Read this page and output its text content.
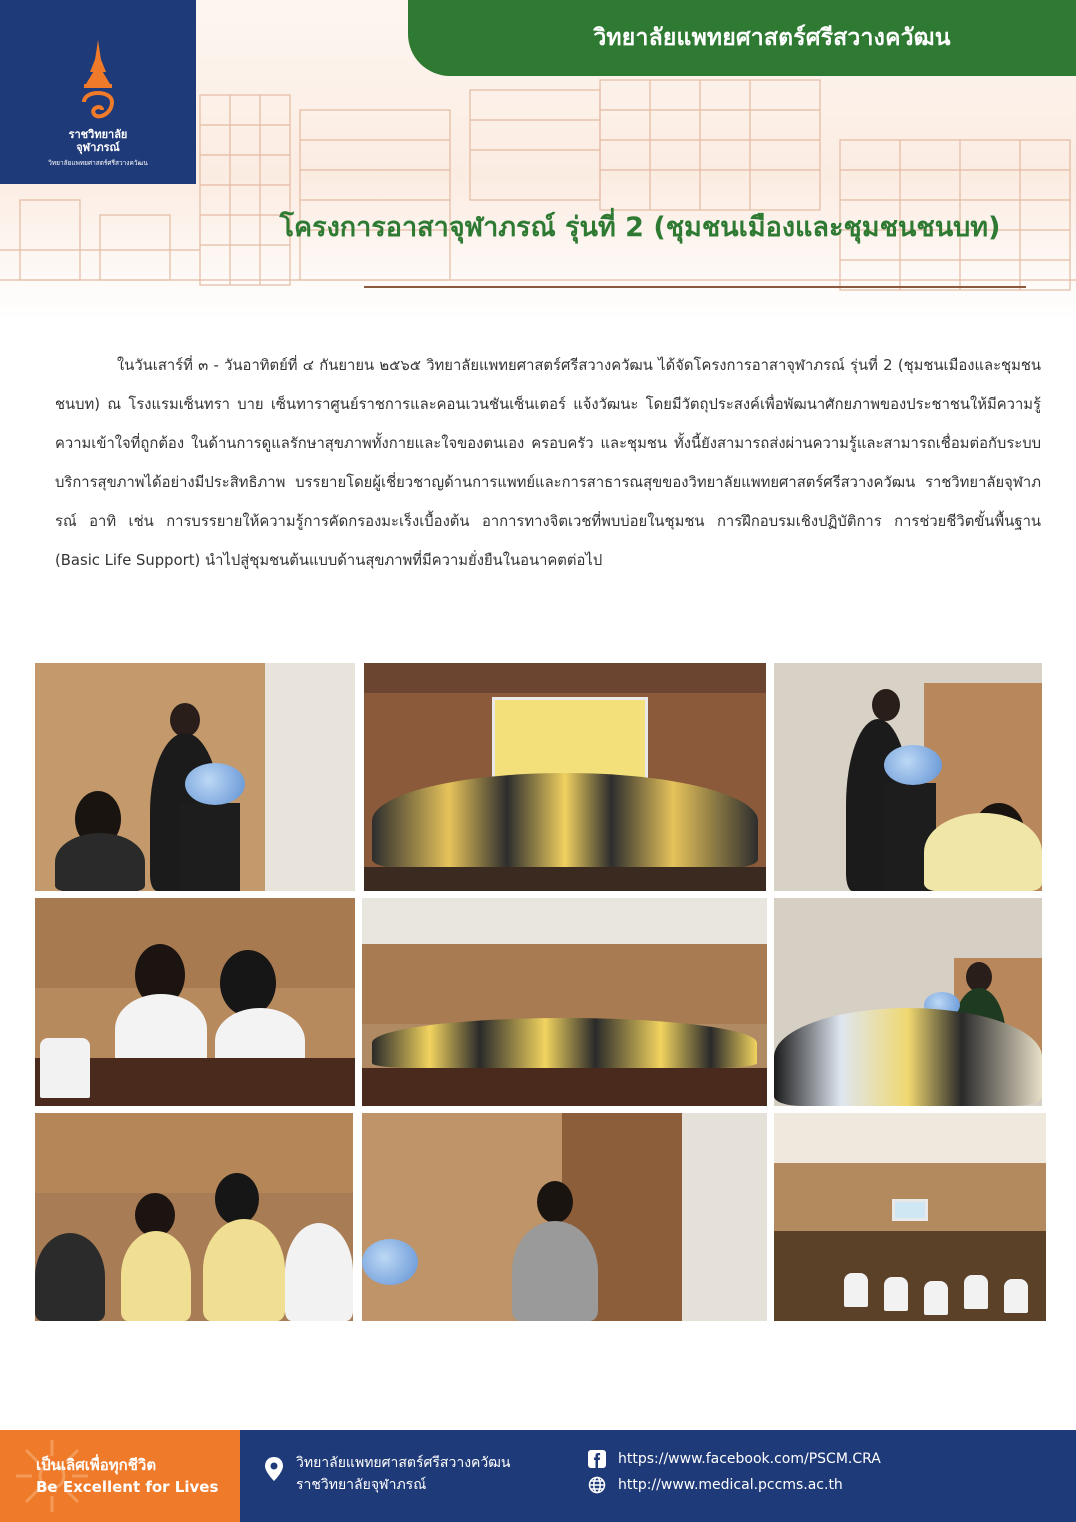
ราชวิทยาลัย
จุฬาภรณ์
วิทยาลัยแพทยศาสตร์ศรีสวางควัฒน
วิทยาลัยแพทยศาสตร์ศรีสวางควัฒน
โครงการอาสาจุฬาภรณ์ รุ่นที่ 2 (ชุมชนเมืองและชุมชนชนบท)

ในวันเสาร์ที่ ๓ - วันอาทิตย์ที่ ๔ กันยายน ๒๕๖๕ วิทยาลัยแพทยศาสตร์ศรีสวางควัฒน ได้จัดโครงการอาสาจุฬาภรณ์ รุ่นที่ 2 (ชุมชนเมืองและชุมชนชนบท) ณ โรงแรมเซ็นทรา บาย เซ็นทาราศูนย์ราชการและคอนเวนชันเซ็นเตอร์ แจ้งวัฒนะ โดยมีวัตถุประสงค์เพื่อพัฒนาศักยภาพของประชาชนให้มีความรู้ความเข้าใจที่ถูกต้อง ในด้านการดูแลรักษาสุขภาพทั้งกายและใจของตนเอง ครอบครัว และชุมชน ทั้งนี้ยังสามารถส่งผ่านความรู้และสามารถเชื่อมต่อกับระบบบริการสุขภาพได้อย่างมีประสิทธิภาพ บรรยายโดยผู้เชี่ยวชาญด้านการแพทย์และการสาธารณสุขของวิทยาลัยแพทยศาสตร์ศรีสวางควัฒน ราชวิทยาลัยจุฬาภรณ์ อาทิ เช่น การบรรยายให้ความรู้การคัดกรองมะเร็งเบื้องต้น อาการทางจิตเวชที่พบบ่อยในชุมชน การฝึกอบรมเชิงปฏิบัติการ การช่วยชีวิตขั้นพื้นฐาน (Basic Life Support) นำไปสู่ชุมชนต้นแบบด้านสุขภาพที่มีความยั่งยืนในอนาคตต่อไป

เป็นเลิศเพื่อทุกชีวิต
Be Excellent for Lives
วิทยาลัยแพทยศาสตร์ศรีสวางควัฒน
ราชวิทยาลัยจุฬาภรณ์
https://www.facebook.com/PSCM.CRA
http://www.medical.pccms.ac.th
